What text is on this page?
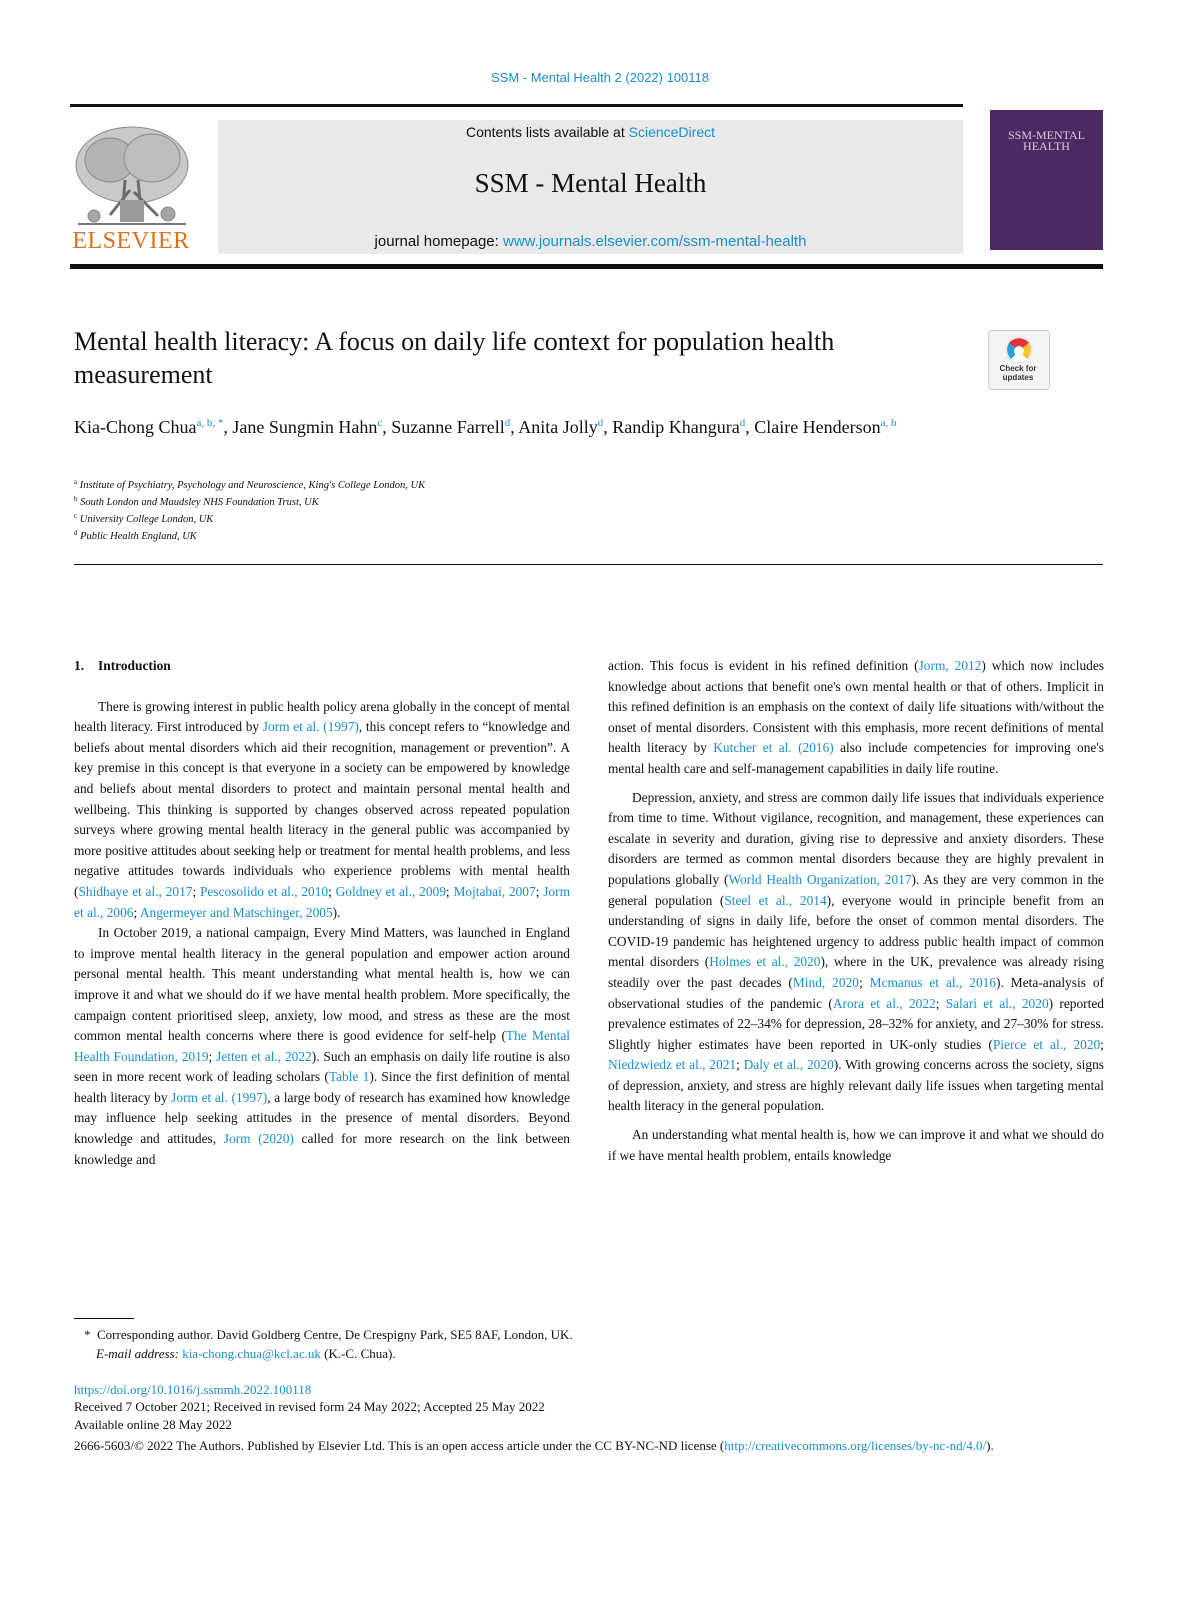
SSM - Mental Health 2 (2022) 100118
ELSEVIER
Contents lists available at ScienceDirect
SSM - Mental Health
journal homepage: www.journals.elsevier.com/ssm-mental-health
SSM-MENTAL HEALTH
Mental health literacy: A focus on daily life context for population health measurement	Check for updates
Kia-Chong Chua$^{a, b, *}$, Jane Sungmin Hahn$^c$, Suzanne Farrell$^d$, Anita Jolly$^d$, Randip Khangura$^d$, Claire Henderson$^{a, b}$
$^a$ Institute of Psychiatry, Psychology and Neuroscience, King's College London, UK
$^b$ South London and Maudsley NHS Foundation Trust, UK
$^c$ University College London, UK
$^d$ Public Health England, UK
1. Introduction

There is growing interest in public health policy arena globally in the concept of mental health literacy. First introduced by Jorm et al. (1997), this concept refers to “knowledge and beliefs about mental disorders which aid their recognition, management or prevention”. A key premise in this concept is that everyone in a society can be empowered by knowledge and beliefs about mental disorders to protect and maintain personal mental health and wellbeing. This thinking is supported by changes observed across repeated population surveys where growing mental health literacy in the general public was accompanied by more positive attitudes about seeking help or treatment for mental health problems, and less negative attitudes towards individuals who experience problems with mental health (Shidhaye et al., 2017; Pescosolido et al., 2010; Goldney et al., 2009; Mojtabai, 2007; Jorm et al., 2006; Angermeyer and Matschinger, 2005).

In October 2019, a national campaign, Every Mind Matters, was launched in England to improve mental health literacy in the general population and empower action around personal mental health. This meant understanding what mental health is, how we can improve it and what we should do if we have mental health problem. More specifically, the campaign content prioritised sleep, anxiety, low mood, and stress as these are the most common mental health concerns where there is good evidence for self-help (The Mental Health Foundation, 2019; Jetten et al., 2022). Such an emphasis on daily life routine is also seen in more recent work of leading scholars (Table 1). Since the first definition of mental health literacy by Jorm et al. (1997), a large body of research has examined how knowledge may influence help seeking attitudes in the presence of mental disorders. Beyond knowledge and attitudes, Jorm (2020) called for more research on the link between knowledge and

action. This focus is evident in his refined definition (Jorm, 2012) which now includes knowledge about actions that benefit one's own mental health or that of others. Implicit in this refined definition is an emphasis on the context of daily life situations with/without the onset of mental disorders. Consistent with this emphasis, more recent definitions of mental health literacy by Kutcher et al. (2016) also include competencies for improving one's mental health care and self-management capabilities in daily life routine.

Depression, anxiety, and stress are common daily life issues that individuals experience from time to time. Without vigilance, recognition, and management, these experiences can escalate in severity and duration, giving rise to depressive and anxiety disorders. These disorders are termed as common mental disorders because they are highly prevalent in populations globally (World Health Organization, 2017). As they are very common in the general population (Steel et al., 2014), everyone would in principle benefit from an understanding of signs in daily life, before the onset of common mental disorders. The COVID-19 pandemic has heightened urgency to address public health impact of common mental disorders (Holmes et al., 2020), where in the UK, prevalence was already rising steadily over the past decades (Mind, 2020; Mcmanus et al., 2016). Meta-analysis of observational studies of the pandemic (Arora et al., 2022; Salari et al., 2020) reported prevalence estimates of 22–34% for depression, 28–32% for anxiety, and 27–30% for stress. Slightly higher estimates have been reported in UK-only studies (Pierce et al., 2020; Niedzwiedz et al., 2021; Daly et al., 2020). With growing concerns across the society, signs of depression, anxiety, and stress are highly relevant daily life issues when targeting mental health literacy in the general population.

An understanding what mental health is, how we can improve it and what we should do if we have mental health problem, entails knowledge

* Corresponding author. David Goldberg Centre, De Crespigny Park, SE5 8AF, London, UK.
E-mail address: kia-chong.chua@kcl.ac.uk (K.-C. Chua).
https://doi.org/10.1016/j.ssmmh.2022.100118
Received 7 October 2021; Received in revised form 24 May 2022; Accepted 25 May 2022
Available online 28 May 2022
2666-5603/© 2022 The Authors. Published by Elsevier Ltd. This is an open access article under the CC BY-NC-ND license (http://creativecommons.org/licenses/by-nc-nd/4.0/).
